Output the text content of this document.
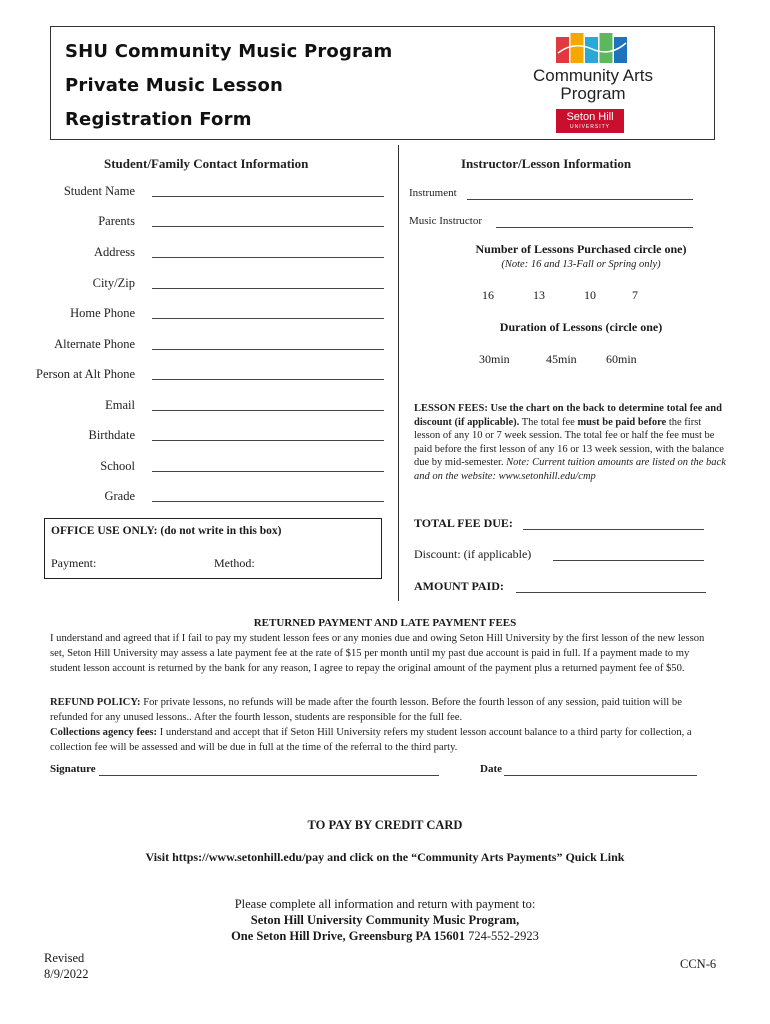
SHU Community Music Program
Private Music Lesson
Registration Form
Community Arts Program
Seton Hill
UNIVERSITY
Student/Family Contact Information	Instructor/Lesson Information
Student Name
Parents
Address
City/Zip
Home Phone
Alternate Phone
Person at Alt Phone
Email
Birthdate
School
Grade
Instrument
Music Instructor
Number of Lessons Purchased circle one)
(Note: 16 and 13-Fall or Spring only)
16	13	10	7
Duration of Lessons (circle one)
30min	45min 60min
LESSON FEES: Use the chart on the back to determine total fee and discount (if applicable). The total fee must be paid before the first lesson of any 10 or 7 week session. The total fee or half the fee must be paid before the first lesson of any 16 or 13 week session, with the balance due by mid-semester. Note: Current tuition amounts are listed on the back and on the website: www.setonhill.edu/cmp
TOTAL FEE DUE:
Discount: (if applicable)
AMOUNT PAID:
OFFICE USE ONLY: (do not write in this box)
Payment:	Method:
RETURNED PAYMENT AND LATE PAYMENT FEES
I understand and agreed that if I fail to pay my student lesson fees or any monies due and owing Seton Hill University by the first lesson of the new lesson set, Seton Hill University may assess a late payment fee at the rate of $15 per month until my past due account is paid in full. If a payment made to my student lesson account is returned by the bank for any reason, I agree to repay the original amount of the payment plus a returned payment fee of $50.
REFUND POLICY: For private lessons, no refunds will be made after the fourth lesson. Before the fourth lesson of any session, paid tuition will be refunded for any unused lessons.. After the fourth lesson, students are responsible for the full fee.
Collections agency fees: I understand and accept that if Seton Hill University refers my student lesson account balance to a third party for collection, a collection fee will be assessed and will be due in full at the time of the referral to the third party.
Signature	Date
TO PAY BY CREDIT CARD
Visit https://www.setonhill.edu/pay and click on the “Community Arts Payments” Quick Link
Please complete all information and return with payment to:
Seton Hill University Community Music Program,
One Seton Hill Drive, Greensburg PA 15601 724-552-2923
Revised
8/9/2022
CCN-6
